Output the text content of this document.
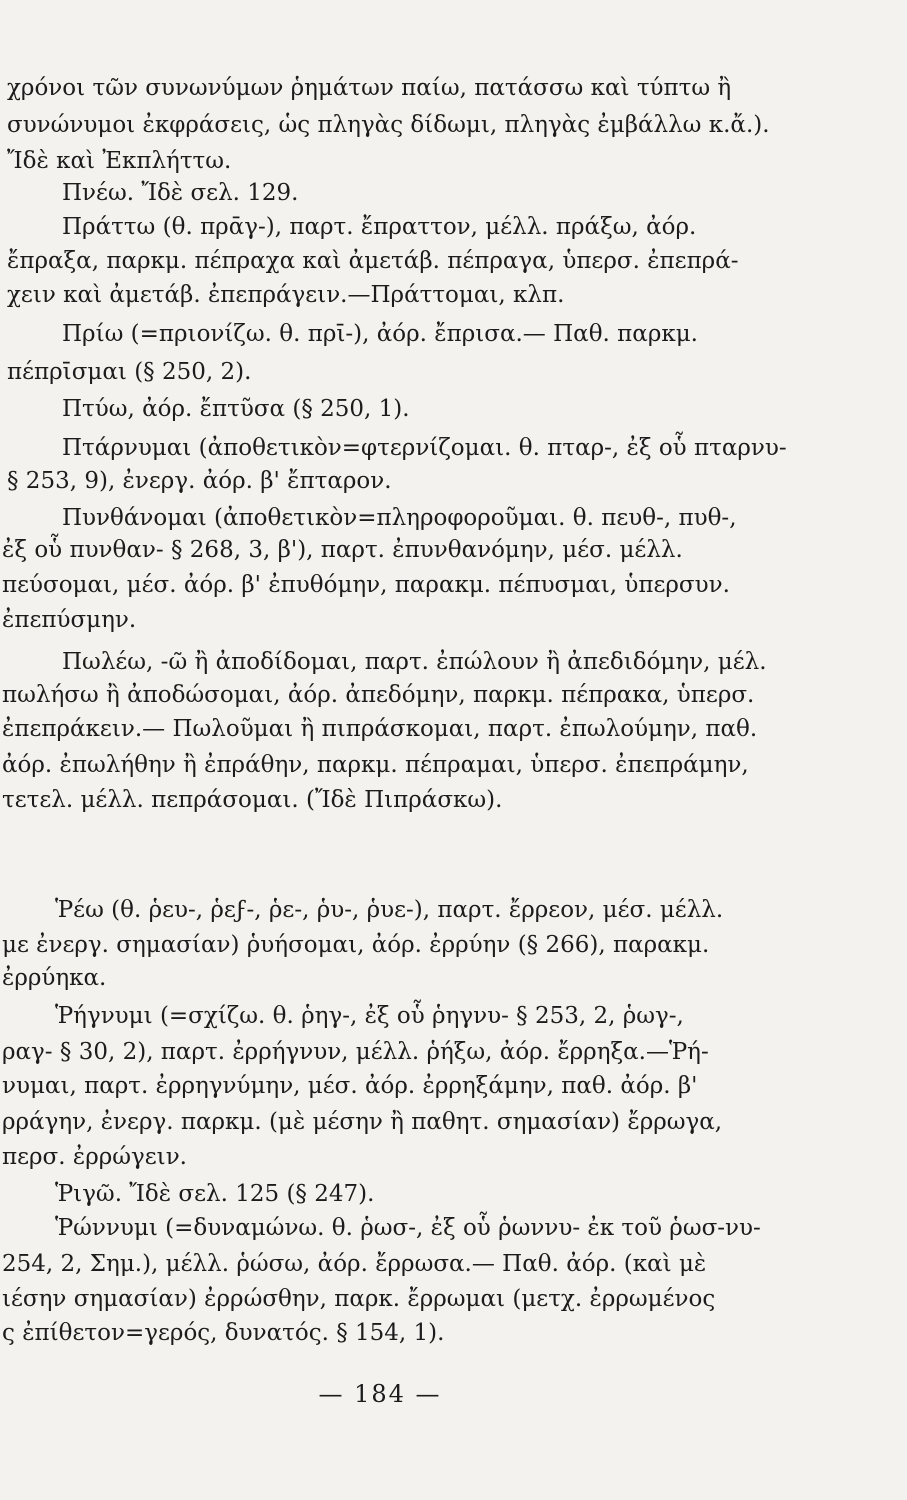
χρόνοι τῶν συνωνύμων ῥημάτων παίω, πατάσσω καὶ τύπτω ἢ
συνώνυμοι ἐκφράσεις, ὡς πληγὰς δίδωμι, πληγὰς ἐμβάλλω κ.ἄ.).
Ἴδὲ καὶ Ἐκπλήττω.
Πνέω. Ἴδὲ σελ. 129.
Πράττω (θ. πρᾱγ-), παρτ. ἔπραττον, μέλλ. πράξω, ἀόρ.
ἔπραξα, παρκμ. πέπραχα καὶ ἀμετάβ. πέπραγα, ὑπερσ. ἐπεπρά-
χειν καὶ ἀμετάβ. ἐπεπράγειν.—Πράττομαι, κλπ.
Πρίω (=πριονίζω. θ. πρῑ-), ἀόρ. ἔπρισα.— Παθ. παρκμ.
πέπρῑσμαι (§ 250, 2).
Πτύω, ἀόρ. ἔπτῦσα (§ 250, 1).
Πτάρνυμαι (ἀποθετικὸν=φτερνίζομαι. θ. πταρ-, ἐξ οὗ πταρνυ-
§ 253, 9), ἐνεργ. ἀόρ. β' ἔπταρον.
Πυνθάνομαι (ἀποθετικὸν=πληροφοροῦμαι. θ. πευθ-, πυθ-,
ἐξ οὗ πυνθαν- § 268, 3, β'), παρτ. ἐπυνθανόμην, μέσ. μέλλ.
πεύσομαι, μέσ. ἀόρ. β' ἐπυθόμην, παρακμ. πέπυσμαι, ὑπερσυν.
ἐπεπύσμην.
Πωλέω, -ῶ ἢ ἀποδίδομαι, παρτ. ἐπώλουν ἢ ἀπεδιδόμην, μέλ.
πωλήσω ἢ ἀποδώσομαι, ἀόρ. ἀπεδόμην, παρκμ. πέπρακα, ὑπερσ.
ἐπεπράκειν.— Πωλοῦμαι ἢ πιπράσκομαι, παρτ. ἐπωλούμην, παθ.
ἀόρ. ἐπωλήθην ἢ ἐπράθην, παρκμ. πέπραμαι, ὑπερσ. ἐπεπράμην,
τετελ. μέλλ. πεπράσομαι. (Ἴδὲ Πιπράσκω).
Ῥέω (θ. ῥευ-, ῥεϝ-, ῥε-, ῥυ-, ῥυε-), παρτ. ἔρρεον, μέσ. μέλλ.
με ἐνεργ. σημασίαν) ῥυήσομαι, ἀόρ. ἐρρύην (§ 266), παρακμ.
ἐρρύηκα.
Ῥήγνυμι (=σχίζω. θ. ῥηγ-, ἐξ οὗ ῥηγνυ- § 253, 2, ῥωγ-,
ραγ- § 30, 2), παρτ. ἐρρήγνυν, μέλλ. ῥήξω, ἀόρ. ἔρρηξα.—Ῥή-
νυμαι, παρτ. ἐρρηγνύμην, μέσ. ἀόρ. ἐρρηξάμην, παθ. ἀόρ. β'
ρράγην, ἐνεργ. παρκμ. (μὲ μέσην ἢ παθητ. σημασίαν) ἔρρωγα,
περσ. ἐρρώγειν.
Ῥιγῶ. Ἴδὲ σελ. 125 (§ 247).
Ῥώννυμι (=δυναμώνω. θ. ῥωσ-, ἐξ οὗ ῥωννυ- ἐκ τοῦ ῥωσ-νυ-
254, 2, Σημ.), μέλλ. ῥώσω, ἀόρ. ἔρρωσα.— Παθ. ἀόρ. (καὶ μὲ
ιέσην σημασίαν) ἐρρώσθην, παρκ. ἔρρωμαι (μετχ. ἐρρωμένος
ς ἐπίθετον=γερός, δυνατός. § 154, 1).
— 184 —
